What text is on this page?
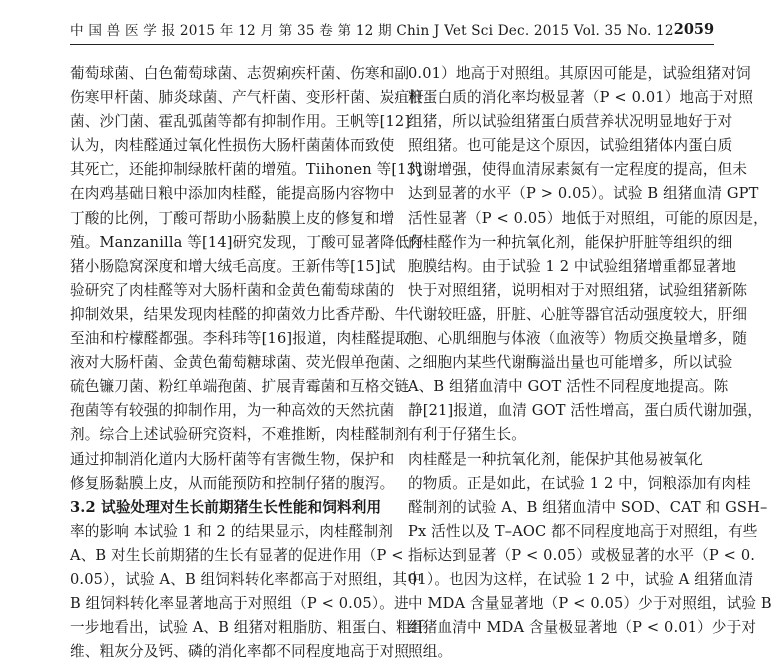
中 国 兽 医 学 报 2015 年 12 月 第 35 卷 第 12 期 Chin J Vet Sci Dec. 2015 Vol. 35 No. 12 2059
葡萄球菌、白色葡萄球菌、志贺痢疾杆菌、伤寒和副
伤寒甲杆菌、肺炎球菌、产气杆菌、变形杆菌、炭疽杆
菌、沙门菌、霍乱弧菌等都有抑制作用。王帆等[12]
认为，肉桂醛通过氧化性损伤大肠杆菌菌体而致使
其死亡，还能抑制绿脓杆菌的增殖。Tiihonen 等[13]
在肉鸡基础日粮中添加肉桂醛，能提高肠内容物中
丁酸的比例，丁酸可帮助小肠黏膜上皮的修复和增
殖。Manzanilla 等[14]研究发现，丁酸可显著降低仔
猪小肠隐窝深度和增大绒毛高度。王新伟等[15]试
验研究了肉桂醛等对大肠杆菌和金黄色葡萄球菌的
抑制效果，结果发现肉桂醛的抑菌效力比香芹酚、牛
至油和柠檬醛都强。李科玮等[16]报道，肉桂醛提取
液对大肠杆菌、金黄色葡萄糖球菌、荧光假单孢菌、
硫色镰刀菌、粉红单端孢菌、扩展青霉菌和互格交链
孢菌等有较强的抑制作用，为一种高效的天然抗菌
剂。综合上述试验研究资料，不难推断，肉桂醛制剂
通过抑制消化道内大肠杆菌等有害微生物，保护和
修复肠黏膜上皮，从而能预防和控制仔猪的腹泻。
3.2 试验处理对生长前期猪生长性能和饲料利用
率的影响 本试验 1 和 2 的结果显示，肉桂醛制剂
A、B 对生长前期猪的生长有显著的促进作用（P <
0.05），试验 A、B 组饲料转化率都高于对照组，其中
B 组饲料转化率显著地高于对照组（P < 0.05）。进
一步地看出，试验 A、B 组猪对粗脂肪、粗蛋白、粗纤
维、粗灰分及钙、磷的消化率都不同程度地高于对照
0.01）地高于对照组。其原因可能是，试验组猪对饲
粮蛋白质的消化率均极显著（P < 0.01）地高于对照
组猪，所以试验组猪蛋白质营养状况明显地好于对
照组猪。也可能是这个原因，试验组猪体内蛋白质
代谢增强，使得血清尿素氮有一定程度的提高，但未
达到显著的水平（P > 0.05）。试验 B 组猪血清 GPT
活性显著（P < 0.05）地低于对照组，可能的原因是，
肉桂醛作为一种抗氧化剂，能保护肝脏等组织的细
胞膜结构。由于试验 1 2 中试验组猪增重都显著地
快于对照组猪，说明相对于对照组猪，试验组猪新陈
代谢较旺盛，肝脏、心脏等器官活动强度较大，肝细
胞、心肌细胞与体液（血液等）物质交换量增多，随
之细胞内某些代谢酶溢出量也可能增多，所以试验
A、B 组猪血清中 GOT 活性不同程度地提高。陈
静[21]报道，血清 GOT 活性增高，蛋白质代谢加强，
有利于仔猪生长。
肉桂醛是一种抗氧化剂，能保护其他易被氧化
的物质。正是如此，在试验 1 2 中，饲粮添加有肉桂
醛制剂的试验 A、B 组猪血清中 SOD、CAT 和 GSH–
Px 活性以及 T–AOC 都不同程度地高于对照组，有些
指标达到显著（P < 0.05）或极显著的水平（P < 0.
01）。也因为这样，在试验 1 2 中，试验 A 组猪血清
中 MDA 含量显著地（P < 0.05）少于对照组，试验 B
组猪血清中 MDA 含量极显著地（P < 0.01）少于对
照组。
